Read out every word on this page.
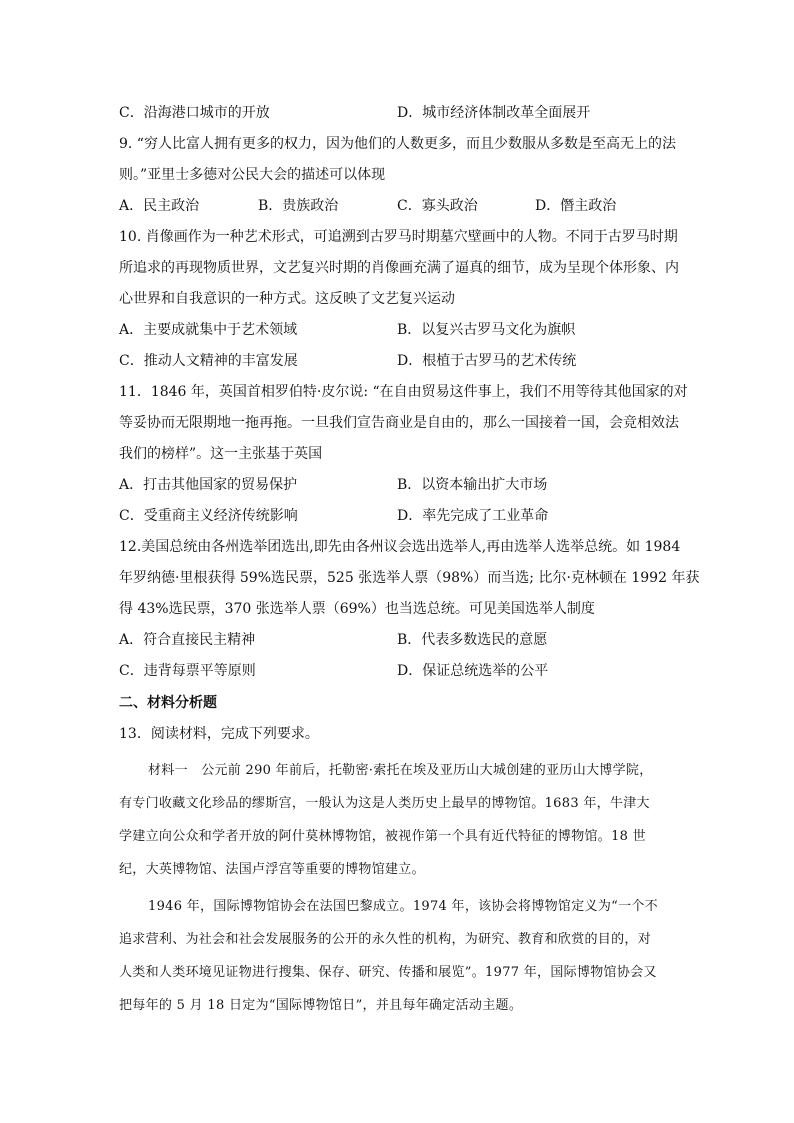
C．沿海港口城市的开放	D．城市经济体制改革全面展开
9. “穷人比富人拥有更多的权力，因为他们的人数更多，而且少数服从多数是至高无上的法
则。”亚里士多德对公民大会的描述可以体现
A．民主政治	B．贵族政治	C．寡头政治	D．僭主政治
10. 肖像画作为一种艺术形式，可追溯到古罗马时期墓穴壁画中的人物。不同于古罗马时期
所追求的再现物质世界，文艺复兴时期的肖像画充满了逼真的细节，成为呈现个体形象、内
心世界和自我意识的一种方式。这反映了文艺复兴运动
A．主要成就集中于艺术领域	B．以复兴古罗马文化为旗帜
C．推动人文精神的丰富发展	D．根植于古罗马的艺术传统
11．1846 年，英国首相罗伯特·皮尔说: “在自由贸易这件事上，我们不用等待其他国家的对
等妥协而无限期地一拖再拖。一旦我们宣告商业是自由的，那么一国接着一国，会竞相效法
我们的榜样”。这一主张基于英国
A．打击其他国家的贸易保护	B．以资本输出扩大市场
C．受重商主义经济传统影响	D．率先完成了工业革命
12.美国总统由各州选举团选出,即先由各州议会选出选举人,再由选举人选举总统。如 1984
年罗纳德·里根获得 59%选民票，525 张选举人票（98%）而当选; 比尔·克林顿在 1992 年获
得 43%选民票，370 张选举人票（69%）也当选总统。可见美国选举人制度
A．符合直接民主精神	B．代表多数选民的意愿
C．违背每票平等原则	D．保证总统选举的公平
二、材料分析题
13．阅读材料，完成下列要求。
材料一　公元前 290 年前后，托勒密·索托在埃及亚历山大城创建的亚历山大博学院，
有专门收藏文化珍品的缪斯宫，一般认为这是人类历史上最早的博物馆。1683 年，牛津大
学建立向公众和学者开放的阿什莫林博物馆，被视作第一个具有近代特征的博物馆。18 世
纪，大英博物馆、法国卢浮宫等重要的博物馆建立。
1946 年，国际博物馆协会在法国巴黎成立。1974 年，该协会将博物馆定义为“一个不
追求营利、为社会和社会发展服务的公开的永久性的机构，为研究、教育和欣赏的目的，对
人类和人类环境见证物进行搜集、保存、研究、传播和展览”。1977 年，国际博物馆协会又
把每年的 5 月 18 日定为“国际博物馆日”，并且每年确定活动主题。
